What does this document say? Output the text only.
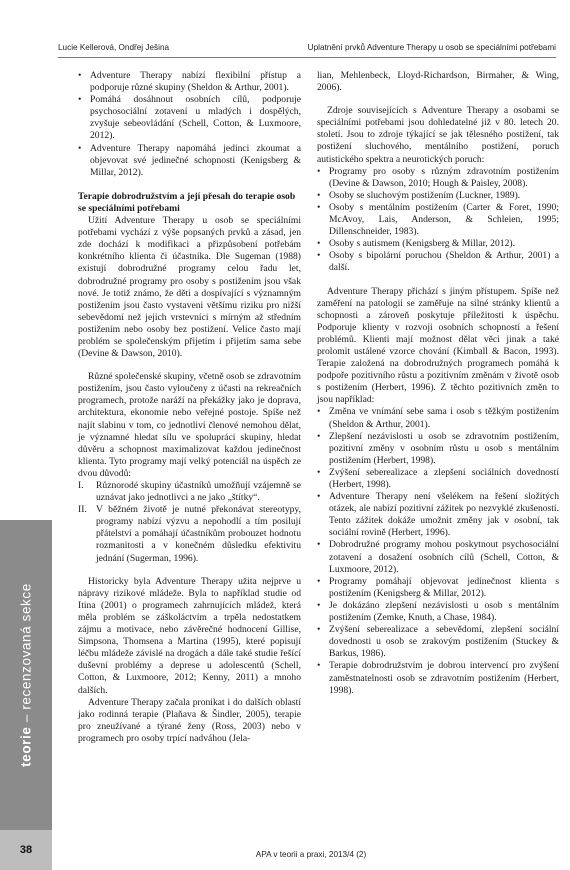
Lucie Kellerová, Ondřej Ješina	Uplatnění prvků Adventure Therapy u osob se speciálními potřebami
• Adventure Therapy nabízí flexibilní přístup a podporuje různé skupiny (Sheldon & Arthur, 2001).
• Pomáhá dosáhnout osobních cílů, podporuje psychosociální zotavení u mladých i dospělých, zvyšuje sebeovládání (Schell, Cotton, & Luxmoore, 2012).
• Adventure Therapy napomáhá jedinci zkoumat a objevovat své jedinečné schopnosti (Kenigsberg & Millar, 2012).
Terapie dobrodružstvím a její přesah do terapie osob se speciálními potřebami

Užití Adventure Therapy u osob se speciálními potřebami vychází z výše popsaných prvků a zásad, jen zde dochází k modifikaci a přizpůsobení potřebám konkrétního klienta či účastníka. Dle Sugeman (1988) existují dobrodružné programy celou řadu let, dobrodružné programy pro osoby s postižením jsou však nové. Je totiž známo, že děti a dospívající s významným postižením jsou často vystaveni většímu riziku pro nižší sebevědomí než jejich vrstevníci s mírným až středním postižením nebo osoby bez postižení. Velice často mají problém se společenským přijetím i přijetím sama sebe (Devine & Dawson, 2010).

Různé společenské skupiny, včetně osob se zdravotním postižením, jsou často vyloučeny z účasti na rekreačních programech, protože naráží na překážky jako je doprava, architektura, ekonomie nebo veřejné postoje. Spíše než najít slabinu v tom, co jednotliví členové nemohou dělat, je významné hledat sílu ve spolupráci skupiny, hledat důvěru a schopnost maximalizovat každou jedinečnost klienta. Tyto programy mají velký potenciál na úspěch ze dvou důvodů:

I. Různorodé skupiny účastníků umožňují vzájemně se uznávat jako jednotlivci a ne jako „štítky“.
II. V běžném životě je nutné překonávat stereotypy, programy nabízí výzvu a nepohodlí a tím posilují přátelství a pomáhají účastníkům probouzet hodnotu rozmanitosti a v konečném důsledku efektivitu jednání (Sugerman, 1996).

Historicky byla Adventure Therapy užita nejprve u nápravy rizikové mládeže. Byla to například studie od Itina (2001) o programech zahrnujících mládež, která měla problém se záškoláctvím a trpěla nedostatkem zájmu a motivace, nebo závěrečné hodnocení Gillise, Simpsona, Thomsena a Martina (1995), které popisují léčbu mládeže závislé na drogách a dále také studie řešící duševní problémy a deprese u adolescentů (Schell, Cotton, & Luxmoore, 2012; Kenny, 2011) a mnoho dalších.

Adventure Therapy začala pronikat i do dalších oblastí jako rodinná terapie (Plaňava & Šindler, 2005), terapie pro zneužívané a týrané ženy (Ross, 2003) nebo v programech pro osoby trpící nadváhou (Jela-

lian, Mehlenbeck, Lloyd-Richardson, Birmaher, & Wing, 2006).

Zdroje souvisejících s Adventure Therapy a osobami se speciálními potřebami jsou dohledatelné již v 80. letech 20. století. Jsou to zdroje týkající se jak tělesného postižení, tak postižení sluchového, mentálního postižení, poruch autistického spektra a neurotických poruch:

• Programy pro osoby s různým zdravotním postižením (Devine & Dawson, 2010; Hough & Paisley, 2008).
• Osoby se sluchovým postižením (Luckner, 1989).
• Osoby s mentálním postižením (Carter & Foret, 1990; McAvoy, Lais, Anderson, & Schleien, 1995; Dillenschneider, 1983).
• Osoby s autismem (Kenigsberg & Millar, 2012).
• Osoby s bipolární poruchou (Sheldon & Arthur, 2001) a další.

Adventure Therapy přichází s jiným přístupem. Spíše než zaměření na patologii se zaměřuje na silné stránky klientů a schopnosti a zároveň poskytuje příležitosti k úspěchu. Podporuje klienty v rozvoji osobních schopností a řešení problémů. Klienti mají možnost dělat věci jinak a také prolomit ustálené vzorce chování (Kimball & Bacon, 1993). Terapie založená na dobrodružných programech pomáhá k podpoře pozitivního růstu a pozitivním změnám v životě osob s postižením (Herbert, 1996). Z těchto pozitivních změn to jsou například:

• Změna ve vnímání sebe sama i osob s těžkým postižením (Sheldon & Arthur, 2001).
• Zlepšení nezávislosti u osob se zdravotním postižením, pozitivní změny v osobním růstu u osob s mentálním postižením (Herbert, 1998).
• Zvýšení seberealizace a zlepšení sociálních dovedností (Herbert, 1998).
• Adventure Therapy není všelékem na řešení složitých otázek, ale nabízí pozitivní zážitek po nezvyklé zkušenosti. Tento zážitek dokáže umožnit změny jak v osobní, tak sociální rovině (Herbert, 1996).
• Dobrodružné programy mohou poskytnout psychosociální zotavení a dosažení osobních cílů (Schell, Cotton, & Luxmoore, 2012).
• Programy pomáhají objevovat jedinečnost klienta s postižením (Kenigsberg & Millar, 2012).
• Je dokázáno zlepšení nezávislosti u osob s mentálním postižením (Zemke, Knuth, a Chase, 1984).
• Zvýšení seberealizace a sebevědomí, zlepšení sociální dovednosti u osob se zrakovým postižením (Stuckey & Barkus, 1986).
• Terapie dobrodružstvím je dobrou intervencí pro zvýšení zaměstnatelnosti osob se zdravotním postižením (Herbert, 1998).
teorie – recenzovaná sekce
38	APA v teorii a praxi, 2013/4 (2)
